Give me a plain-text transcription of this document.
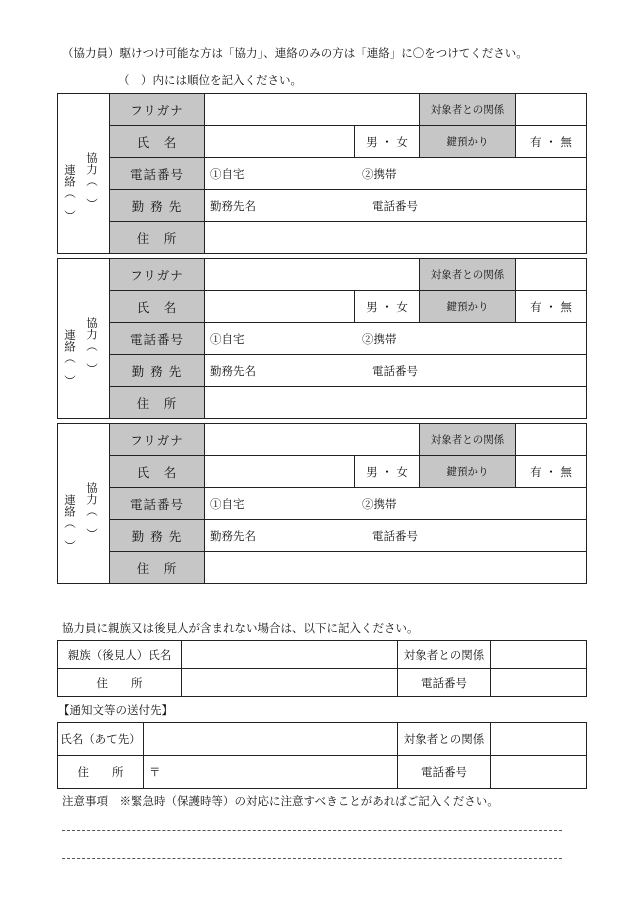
（協力員）駆けつけ可能な方は「協力」、連絡のみの方は「連絡」に〇をつけてください。
（　）内には順位を記入ください。
連絡（　） 協力（　）	フリガナ			対象者との関係	
	氏　名		男 ・ 女	鍵預かり	有 ・ 無
	電話番号	①自宅 ②携帯			

	勤 務 先	勤務先名 電話番号			

	住　所				
連絡（　） 協力（　）	フリガナ			対象者との関係	
	氏　名		男 ・ 女	鍵預かり	有 ・ 無
	電話番号	①自宅 ②携帯			

	勤 務 先	勤務先名 電話番号			

	住　所				
連絡（　） 協力（　）	フリガナ			対象者との関係	
	氏　名		男 ・ 女	鍵預かり	有 ・ 無
	電話番号	①自宅 ②携帯			

	勤 務 先	勤務先名 電話番号			

	住　所				
協力員に親族又は後見人が含まれない場合は、以下に記入ください。
親族（後見人）氏名		対象者との関係	
住　　所		電話番号	
【通知文等の送付先】
氏名（あて先）		対象者との関係	
住　　所	〒	電話番号	
注意事項　※緊急時（保護時等）の対応に注意すべきことがあればご記入ください。
